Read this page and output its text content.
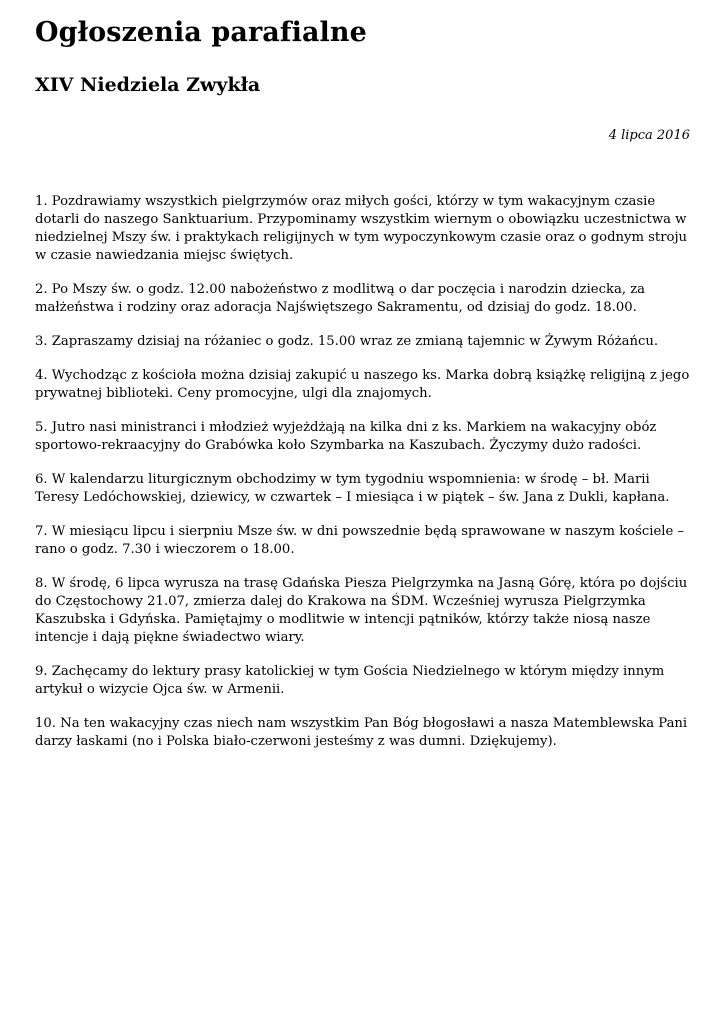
Ogłoszenia parafialne
XIV Niedziela Zwykła

4 lipca 2016

1. Pozdrawiamy wszystkich pielgrzymów oraz miłych gości, którzy w tym wakacyjnym czasie dotarli do naszego Sanktuarium. Przypominamy wszystkim wiernym o obowiązku uczestnictwa w niedzielnej Mszy św. i praktykach religijnych w tym wypoczynkowym czasie oraz o godnym stroju w czasie nawiedzania miejsc świętych.
2. Po Mszy św. o godz. 12.00 nabożeństwo z modlitwą o dar poczęcia i narodzin dziecka, za małżeństwa i rodziny oraz adoracja Najświętszego Sakramentu, od dzisiaj do godz. 18.00.
3. Zapraszamy dzisiaj na różaniec o godz. 15.00 wraz ze zmianą tajemnic w Żywym Różańcu.
4. Wychodząc z kościoła można dzisiaj zakupić u naszego ks. Marka dobrą książkę religijną z jego prywatnej biblioteki. Ceny promocyjne, ulgi dla znajomych.
5. Jutro nasi ministranci i młodzież wyjeżdżają na kilka dni z ks. Markiem na wakacyjny obóz sportowo-rekraacyjny do Grabówka koło Szymbarka na Kaszubach. Życzymy dużo radości.
6. W kalendarzu liturgicznym obchodzimy w tym tygodniu wspomnienia: w środę – bł. Marii Teresy Ledóchowskiej, dziewicy, w czwartek – I miesiąca i w piątek – św. Jana z Dukli, kapłana.
7. W miesiącu lipcu i sierpniu Msze św. w dni powszednie będą sprawowane w naszym kościele – rano o godz. 7.30 i wieczorem o 18.00.
8. W środę, 6 lipca wyrusza na trasę Gdańska Piesza Pielgrzymka na Jasną Górę, która po dojściu do Częstochowy 21.07, zmierza dalej do Krakowa na ŚDM. Wcześniej wyrusza Pielgrzymka Kaszubska i Gdyńska. Pamiętajmy o modlitwie w intencji pątników, którzy także niosą nasze intencje i dają piękne świadectwo wiary.
9. Zachęcamy do lektury prasy katolickiej w tym Gościa Niedzielnego w którym między innym artykuł o wizycie Ojca św. w Armenii.
10. Na ten wakacyjny czas niech nam wszystkim Pan Bóg błogosławi a nasza Matemblewska Pani darzy łaskami (no i Polska biało-czerwoni jesteśmy z was dumni. Dziękujemy).
